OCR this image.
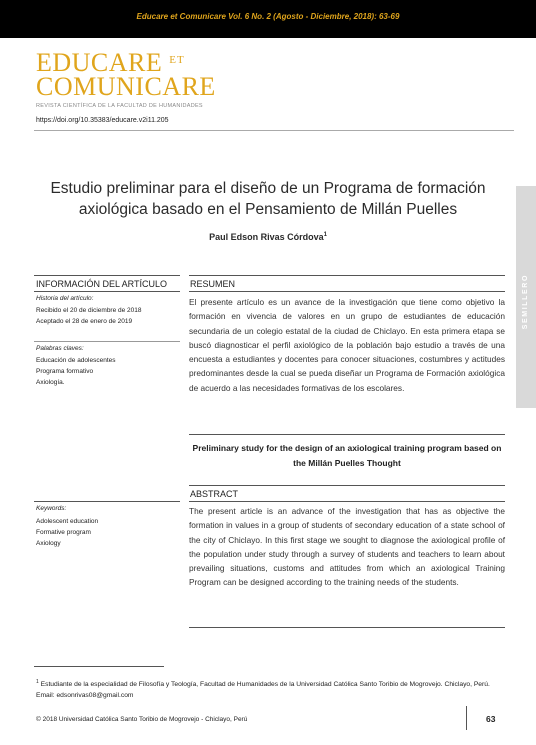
Educare et Comunicare Vol. 6 No. 2 (Agosto - Diciembre, 2018): 63-69
EDUCARE $^{ET}$
COMUNICARE
REVISTA CIENTÍFICA DE LA FACULTAD DE HUMANIDADES
https://doi.org/10.35383/educare.v2i11.205
SEMILLERO
Estudio preliminar para el diseño de un Programa de formación axiológica basado en el Pensamiento de Millán Puelles
Paul Edson Rivas Córdova$^1$
INFORMACIÓN DEL ARTÍCULO	RESUMEN
Historia del artículo:
Recibido el 20 de diciembre de 2018
Aceptado el 28 de enero de 2019
Palabras claves:
Educación de adolescentes
Programa formativo
Axiología.
El presente artículo es un avance de la investigación que tiene como objetivo la formación en vivencia de valores en un grupo de estudiantes de educación secundaria de un colegio estatal de la ciudad de Chiclayo. En esta primera etapa se buscó diagnosticar el perfil axiológico de la población bajo estudio a través de una encuesta a estudiantes y docentes para conocer situaciones, costumbres y actitudes predominantes desde la cual se pueda diseñar un Programa de Formación axiológica de acuerdo a las necesidades formativas de los escolares.
Preliminary study for the design of an axiological training program based on the Millán Puelles Thought
ABSTRACT
Keywords:
Adolescent education
Formative program
Axiology
The present article is an advance of the investigation that has as objective the formation in values in a group of students of secondary education of a state school of the city of Chiclayo. In this first stage we sought to diagnose the axiological profile of the population under study through a survey of students and teachers to learn about prevailing situations, customs and attitudes from which an axiological Training Program can be designed according to the training needs of the students.
$^1$ Estudiante de la especialidad de Filosofía y Teología, Facultad de Humanidades de la Universidad Católica Santo Toribio de Mogrovejo. Chiclayo, Perú. Email: edsonrivas08@gmail.com
© 2018 Universidad Católica Santo Toribio de Mogrovejo - Chiclayo, Perú	63
